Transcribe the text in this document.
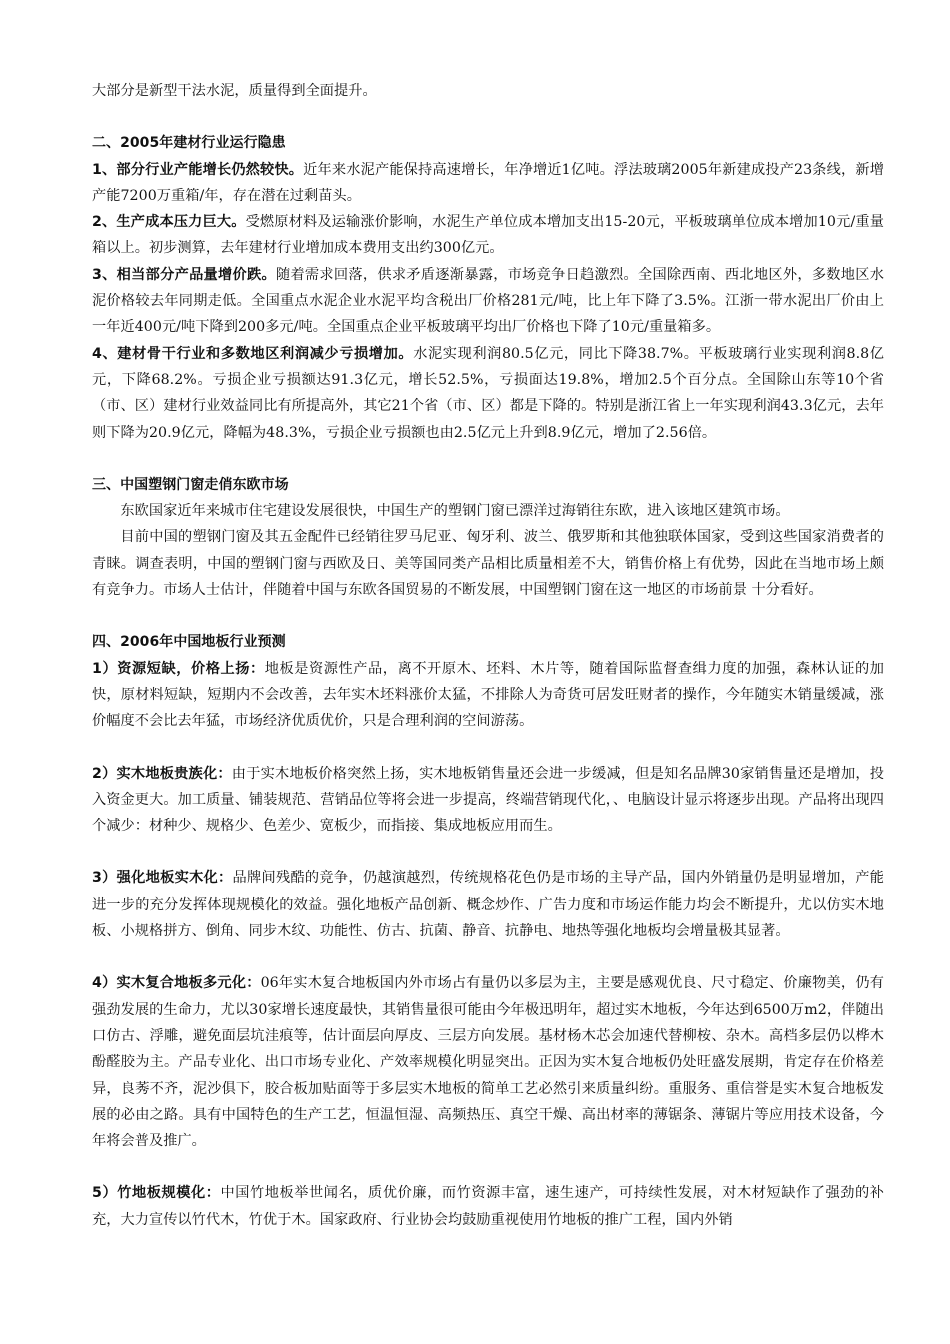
大部分是新型干法水泥，质量得到全面提升。

二、2005年建材行业运行隐患

1、部分行业产能增长仍然较快。近年来水泥产能保持高速增长，年净增近1亿吨。浮法玻璃2005年新建成投产23条线，新增产能7200万重箱/年，存在潜在过剩苗头。

2、生产成本压力巨大。受燃原材料及运输涨价影响，水泥生产单位成本增加支出15-20元，平板玻璃单位成本增加10元/重量箱以上。初步测算，去年建材行业增加成本费用支出约300亿元。

3、相当部分产品量增价跌。随着需求回落，供求矛盾逐渐暴露，市场竞争日趋激烈。全国除西南、西北地区外，多数地区水泥价格较去年同期走低。全国重点水泥企业水泥平均含税出厂价格281元/吨，比上年下降了3.5%。江浙一带水泥出厂价由上一年近400元/吨下降到200多元/吨。全国重点企业平板玻璃平均出厂价格也下降了10元/重量箱多。

4、建材骨干行业和多数地区利润减少亏损增加。水泥实现利润80.5亿元，同比下降38.7%。平板玻璃行业实现利润8.8亿元，下降68.2%。亏损企业亏损额达91.3亿元，增长52.5%，亏损面达19.8%，增加2.5个百分点。全国除山东等10个省（市、区）建材行业效益同比有所提高外，其它21个省（市、区）都是下降的。特别是浙江省上一年实现利润43.3亿元，去年则下降为20.9亿元，降幅为48.3%，亏损企业亏损额也由2.5亿元上升到8.9亿元，增加了2.56倍。

三、中国塑钢门窗走俏东欧市场

东欧国家近年来城市住宅建设发展很快，中国生产的塑钢门窗已漂洋过海销往东欧，进入该地区建筑市场。

目前中国的塑钢门窗及其五金配件已经销往罗马尼亚、匈牙利、波兰、俄罗斯和其他独联体国家，受到这些国家消费者的青睐。调查表明，中国的塑钢门窗与西欧及日、美等国同类产品相比质量相差不大，销售价格上有优势，因此在当地市场上颇有竞争力。市场人士估计，伴随着中国与东欧各国贸易的不断发展，中国塑钢门窗在这一地区的市场前景 十分看好。

四、2006年中国地板行业预测

1）资源短缺，价格上扬：地板是资源性产品，离不开原木、坯料、木片等，随着国际监督查缉力度的加强，森林认证的加快，原材料短缺，短期内不会改善，去年实木坯料涨价太猛，不排除人为奇货可居发旺财者的操作，今年随实木销量缓减，涨价幅度不会比去年猛，市场经济优质优价，只是合理利润的空间游荡。

2）实木地板贵族化：由于实木地板价格突然上扬，实木地板销售量还会进一步缓减，但是知名品牌30家销售量还是增加，投入资金更大。加工质量、铺装规范、营销品位等将会进一步提高，终端营销现代化，、电脑设计显示将逐步出现。产品将出现四个减少：材种少、规格少、色差少、宽板少，而指接、集成地板应用而生。

3）强化地板实木化：品牌间残酷的竞争，仍越演越烈，传统规格花色仍是市场的主导产品，国内外销量仍是明显增加，产能进一步的充分发挥体现规模化的效益。强化地板产品创新、概念炒作、广告力度和市场运作能力均会不断提升，尤以仿实木地板、小规格拼方、倒角、同步木纹、功能性、仿古、抗菌、静音、抗静电、地热等强化地板均会增量极其显著。

4）实木复合地板多元化：06年实木复合地板国内外市场占有量仍以多层为主，主要是感观优良、尺寸稳定、价廉物美，仍有强劲发展的生命力，尤以30家增长速度最快，其销售量很可能由今年极迅明年，超过实木地板，今年达到6500万m2，伴随出口仿古、浮雕，避免面层坑洼痕等，估计面层向厚皮、三层方向发展。基材杨木芯会加速代替柳桉、杂木。高档多层仍以桦木酚醛胶为主。产品专业化、出口市场专业化、产效率规模化明显突出。正因为实木复合地板仍处旺盛发展期，肯定存在价格差异，良莠不齐，泥沙俱下，胶合板加贴面等于多层实木地板的简单工艺必然引来质量纠纷。重服务、重信誉是实木复合地板发展的必由之路。具有中国特色的生产工艺，恒温恒湿、高频热压、真空干燥、高出材率的薄锯条、薄锯片等应用技术设备，今年将会普及推广。

5）竹地板规模化：中国竹地板举世闻名，质优价廉，而竹资源丰富，速生速产，可持续性发展，对木材短缺作了强劲的补充，大力宣传以竹代木，竹优于木。国家政府、行业协会均鼓励重视使用竹地板的推广工程，国内外销
